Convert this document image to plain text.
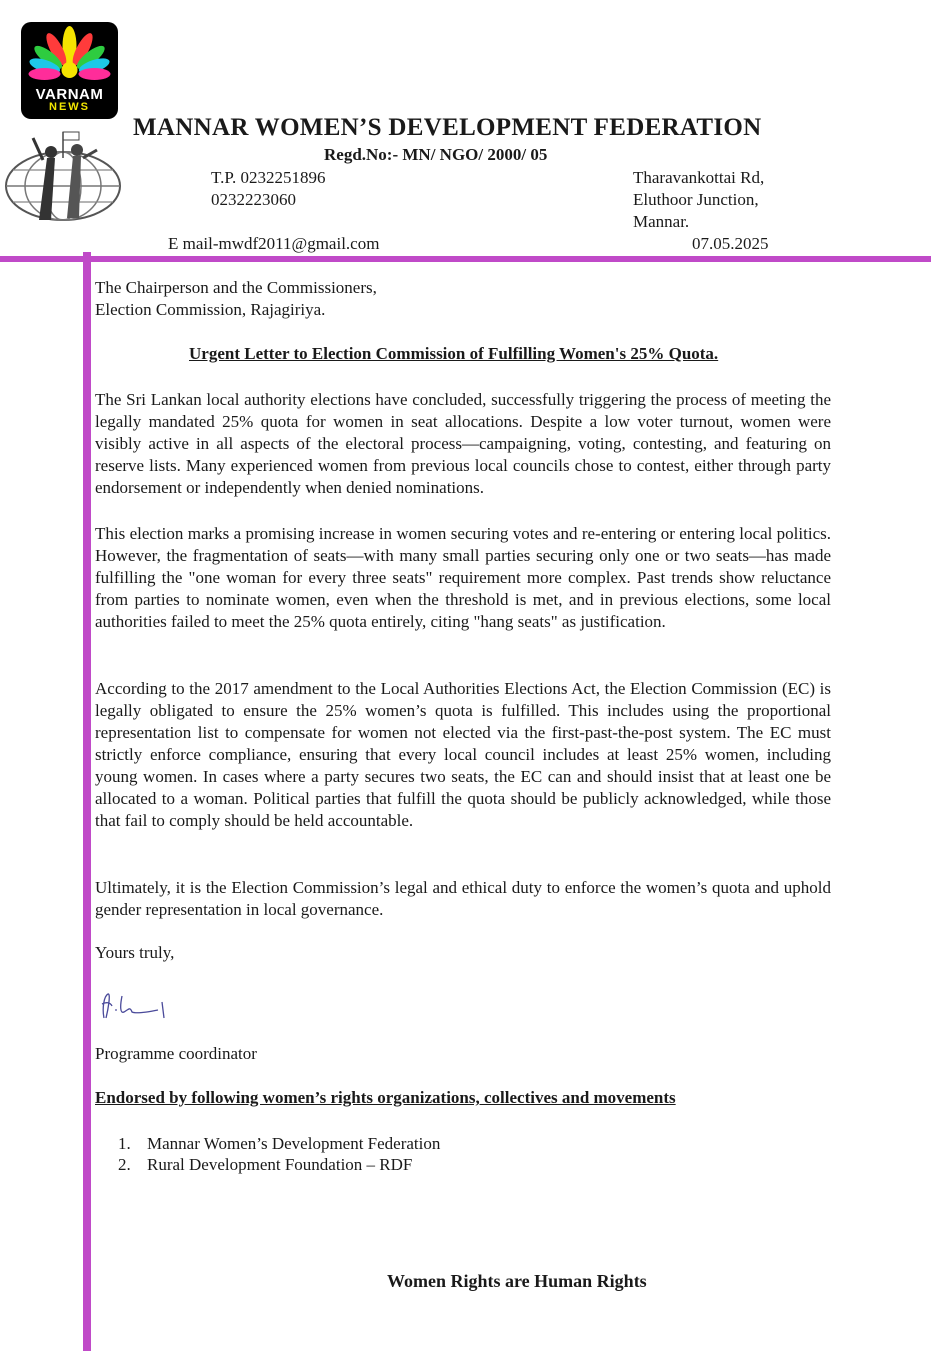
VARNAM
NEWS
MANNAR WOMEN’S DEVELOPMENT FEDERATION
Regd.No:- MN/ NGO/ 2000/ 05
T.P. 0232251896
0232223060
Tharavankottai Rd,
Eluthoor Junction,
Mannar.
E mail-mwdf2011@gmail.com	07.05.2025
The Chairperson and the Commissioners,
Election Commission, Rajagiriya.
Urgent Letter to Election Commission of Fulfilling Women's 25% Quota.
The Sri Lankan local authority elections have concluded, successfully triggering the process of meeting the legally mandated 25% quota for women in seat allocations. Despite a low voter turnout, women were visibly active in all aspects of the electoral process—campaigning, voting, contesting, and featuring on reserve lists. Many experienced women from previous local councils chose to contest, either through party endorsement or independently when denied nominations.
This election marks a promising increase in women securing votes and re-entering or entering local politics. However, the fragmentation of seats—with many small parties securing only one or two seats—has made fulfilling the "one woman for every three seats" requirement more complex. Past trends show reluctance from parties to nominate women, even when the threshold is met, and in previous elections, some local authorities failed to meet the 25% quota entirely, citing "hang seats" as justification.
According to the 2017 amendment to the Local Authorities Elections Act, the Election Commission (EC) is legally obligated to ensure the 25% women’s quota is fulfilled. This includes using the proportional representation list to compensate for women not elected via the first-past-the-post system. The EC must strictly enforce compliance, ensuring that every local council includes at least 25% women, including young women. In cases where a party secures two seats, the EC can and should insist that at least one be allocated to a woman. Political parties that fulfill the quota should be publicly acknowledged, while those that fail to comply should be held accountable.
Ultimately, it is the Election Commission’s legal and ethical duty to enforce the women’s quota and uphold gender representation in local governance.
Yours truly,
Programme coordinator
Endorsed by following women’s rights organizations, collectives and movements
1. Mannar Women’s Development Federation
2. Rural Development Foundation – RDF
Women Rights are Human Rights
